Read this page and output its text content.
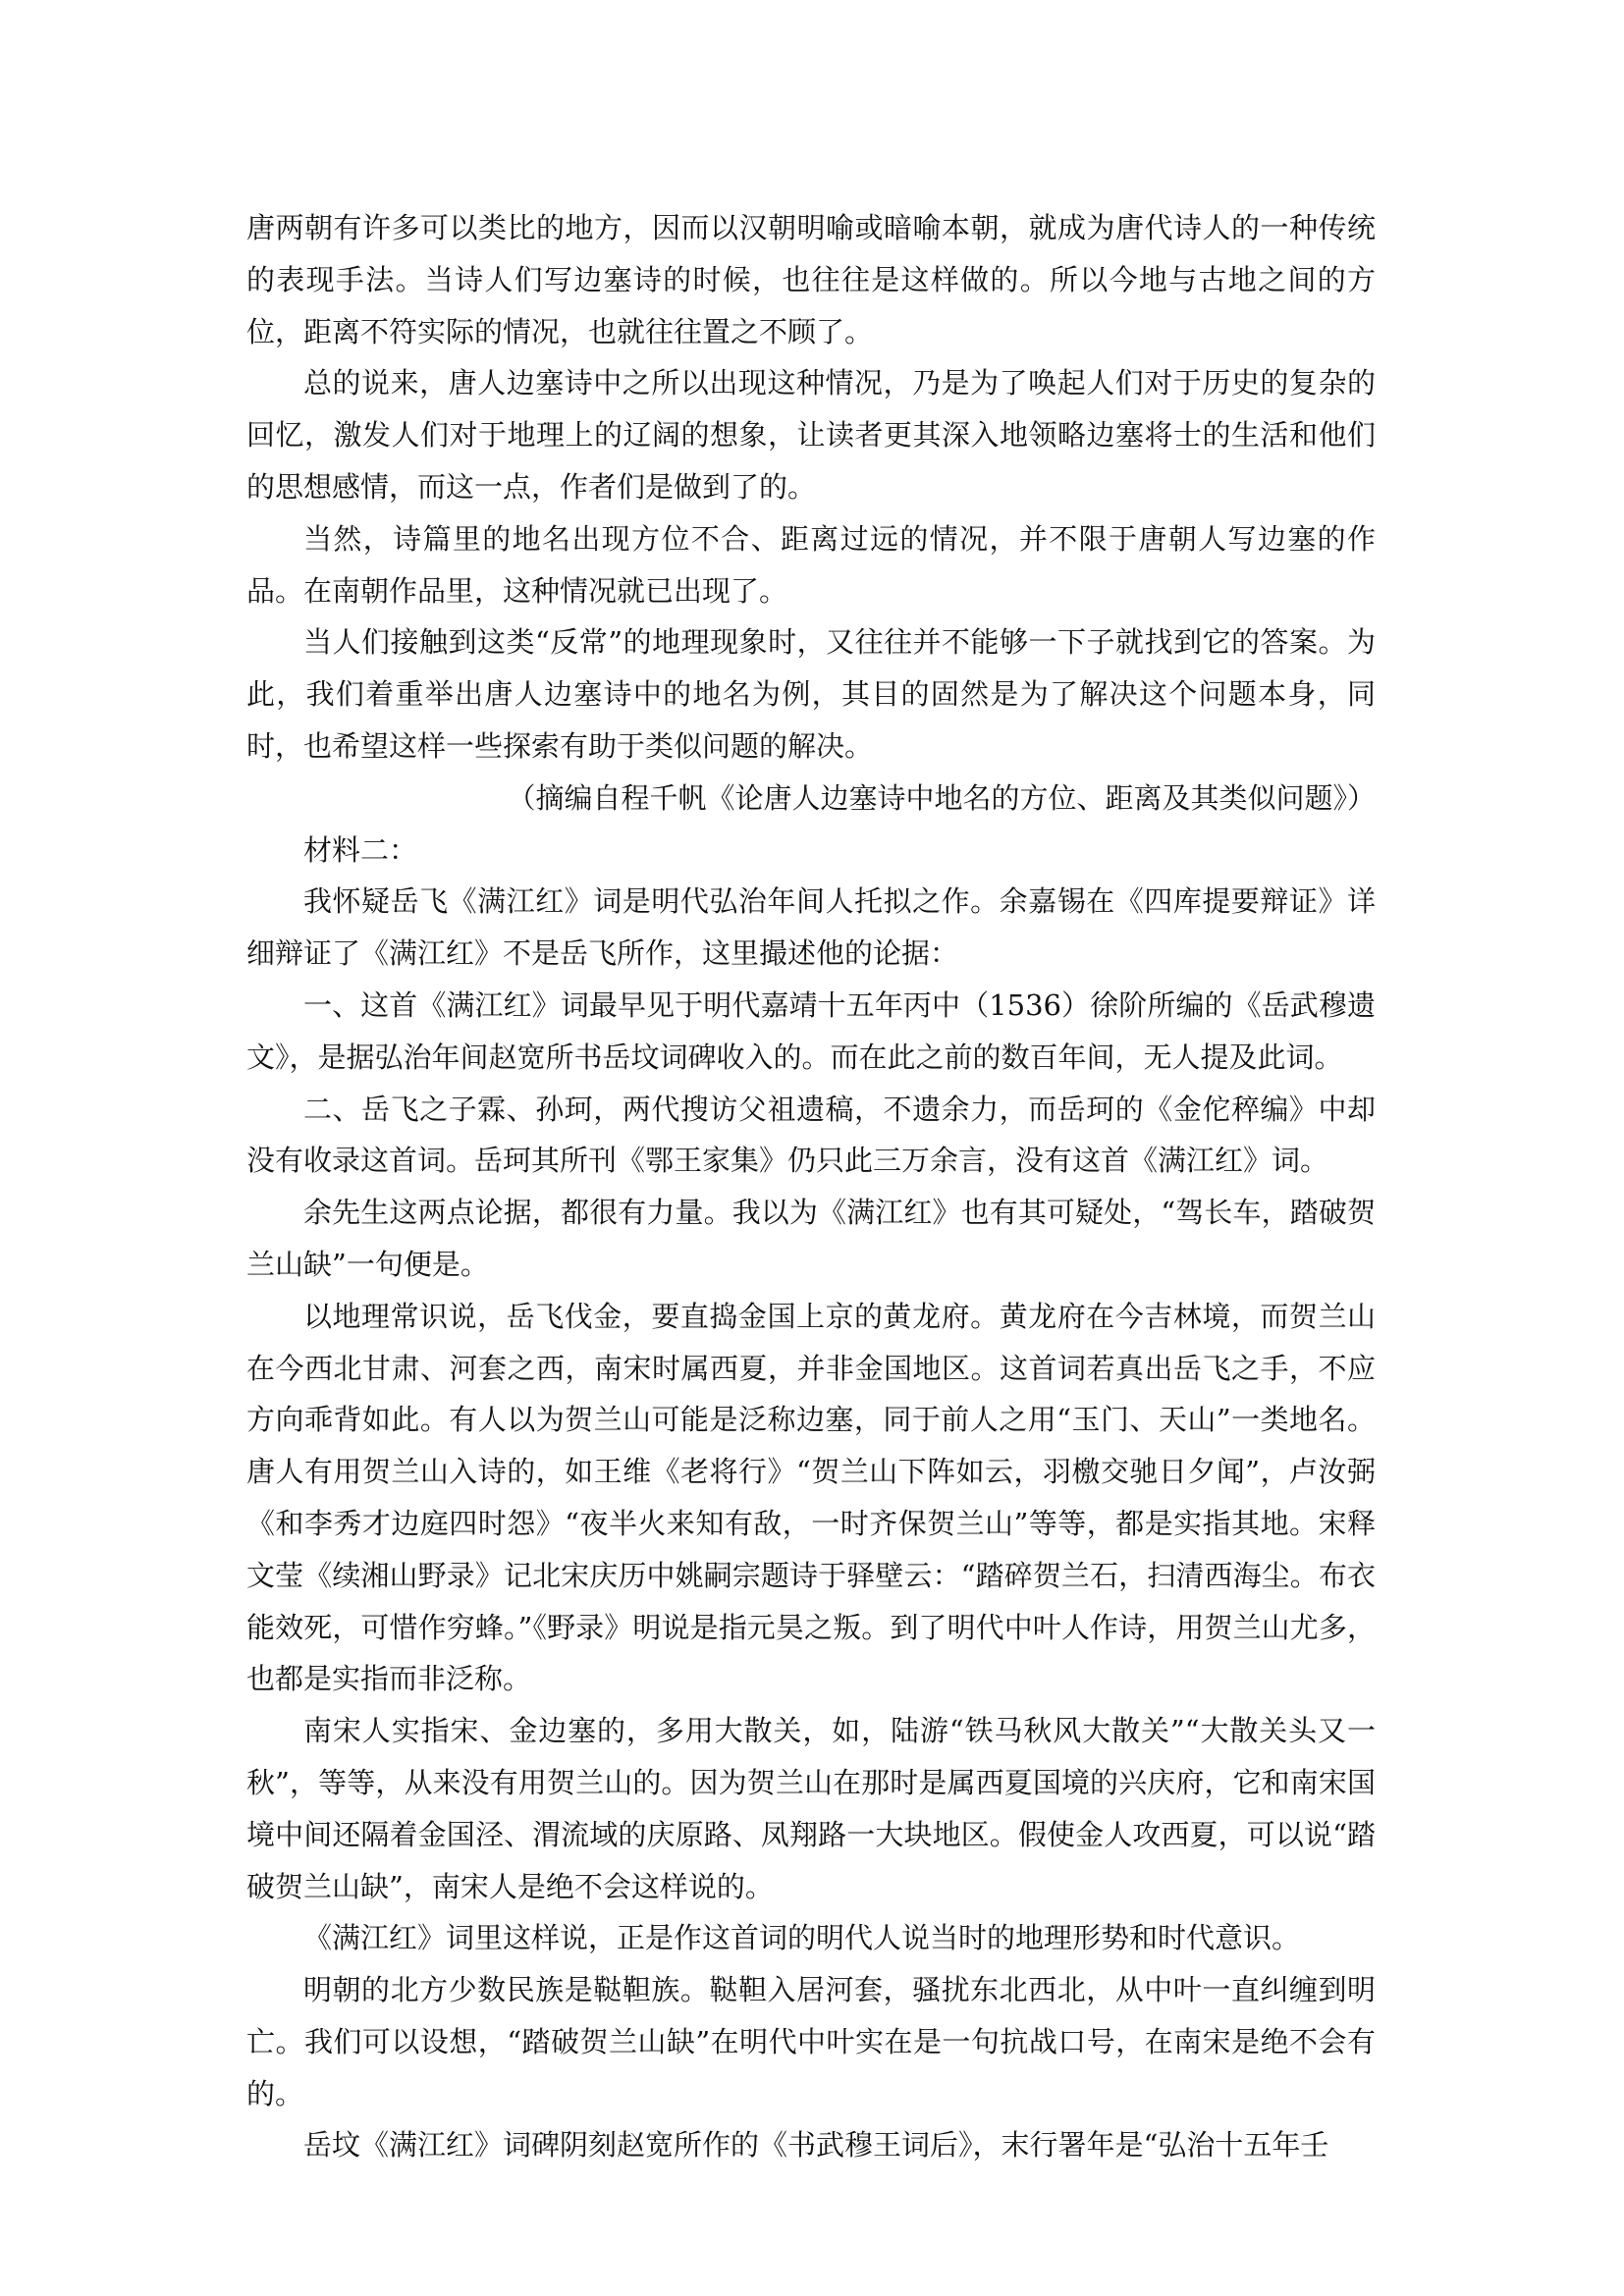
唐两朝有许多可以类比的地方，因而以汉朝明喻或暗喻本朝，就成为唐代诗人的一种传统的表现手法。当诗人们写边塞诗的时候，也往往是这样做的。所以今地与古地之间的方位，距离不符实际的情况，也就往往置之不顾了。

总的说来，唐人边塞诗中之所以出现这种情况，乃是为了唤起人们对于历史的复杂的回忆，激发人们对于地理上的辽阔的想象，让读者更其深入地领略边塞将士的生活和他们的思想感情，而这一点，作者们是做到了的。

当然，诗篇里的地名出现方位不合、距离过远的情况，并不限于唐朝人写边塞的作品。在南朝作品里，这种情况就已出现了。

当人们接触到这类“反常”的地理现象时，又往往并不能够一下子就找到它的答案。为此，我们着重举出唐人边塞诗中的地名为例，其目的固然是为了解决这个问题本身，同时，也希望这样一些探索有助于类似问题的解决。

（摘编自程千帆《论唐人边塞诗中地名的方位、距离及其类似问题》）

材料二：

我怀疑岳飞《满江红》词是明代弘治年间人托拟之作。余嘉锡在《四库提要辩证》详细辩证了《满江红》不是岳飞所作，这里撮述他的论据：

一、这首《满江红》词最早见于明代嘉靖十五年丙中（1536）徐阶所编的《岳武穆遗文》，是据弘治年间赵宽所书岳坟词碑收入的。而在此之前的数百年间，无人提及此词。

二、岳飞之子霖、孙珂，两代搜访父祖遗稿，不遗余力，而岳珂的《金佗稡编》中却没有收录这首词。岳珂其所刊《鄂王家集》仍只此三万余言，没有这首《满江红》词。

余先生这两点论据，都很有力量。我以为《满江红》也有其可疑处，“驾长车，踏破贺兰山缺”一句便是。

以地理常识说，岳飞伐金，要直捣金国上京的黄龙府。黄龙府在今吉林境，而贺兰山在今西北甘肃、河套之西，南宋时属西夏，并非金国地区。这首词若真出岳飞之手，不应方向乖背如此。有人以为贺兰山可能是泛称边塞，同于前人之用“玉门、天山”一类地名。唐人有用贺兰山入诗的，如王维《老将行》“贺兰山下阵如云，羽檄交驰日夕闻”，卢汝弼《和李秀才边庭四时怨》“夜半火来知有敌，一时齐保贺兰山”等等，都是实指其地。宋释文莹《续湘山野录》记北宋庆历中姚嗣宗题诗于驿壁云：“踏碎贺兰石，扫清西海尘。布衣能效死，可惜作穷蜂。”《野录》明说是指元昊之叛。到了明代中叶人作诗，用贺兰山尤多，也都是实指而非泛称。

南宋人实指宋、金边塞的，多用大散关，如，陆游“铁马秋风大散关”“大散关头又一秋”，等等，从来没有用贺兰山的。因为贺兰山在那时是属西夏国境的兴庆府，它和南宋国境中间还隔着金国泾、渭流域的庆原路、凤翔路一大块地区。假使金人攻西夏，可以说“踏破贺兰山缺”，南宋人是绝不会这样说的。

《满江红》词里这样说，正是作这首词的明代人说当时的地理形势和时代意识。

明朝的北方少数民族是鞑靼族。鞑靼入居河套，骚扰东北西北，从中叶一直纠缠到明亡。我们可以设想，“踏破贺兰山缺”在明代中叶实在是一句抗战口号，在南宋是绝不会有的。

岳坟《满江红》词碑阴刻赵宽所作的《书武穆王词后》，末行署年是“弘治十五年壬
